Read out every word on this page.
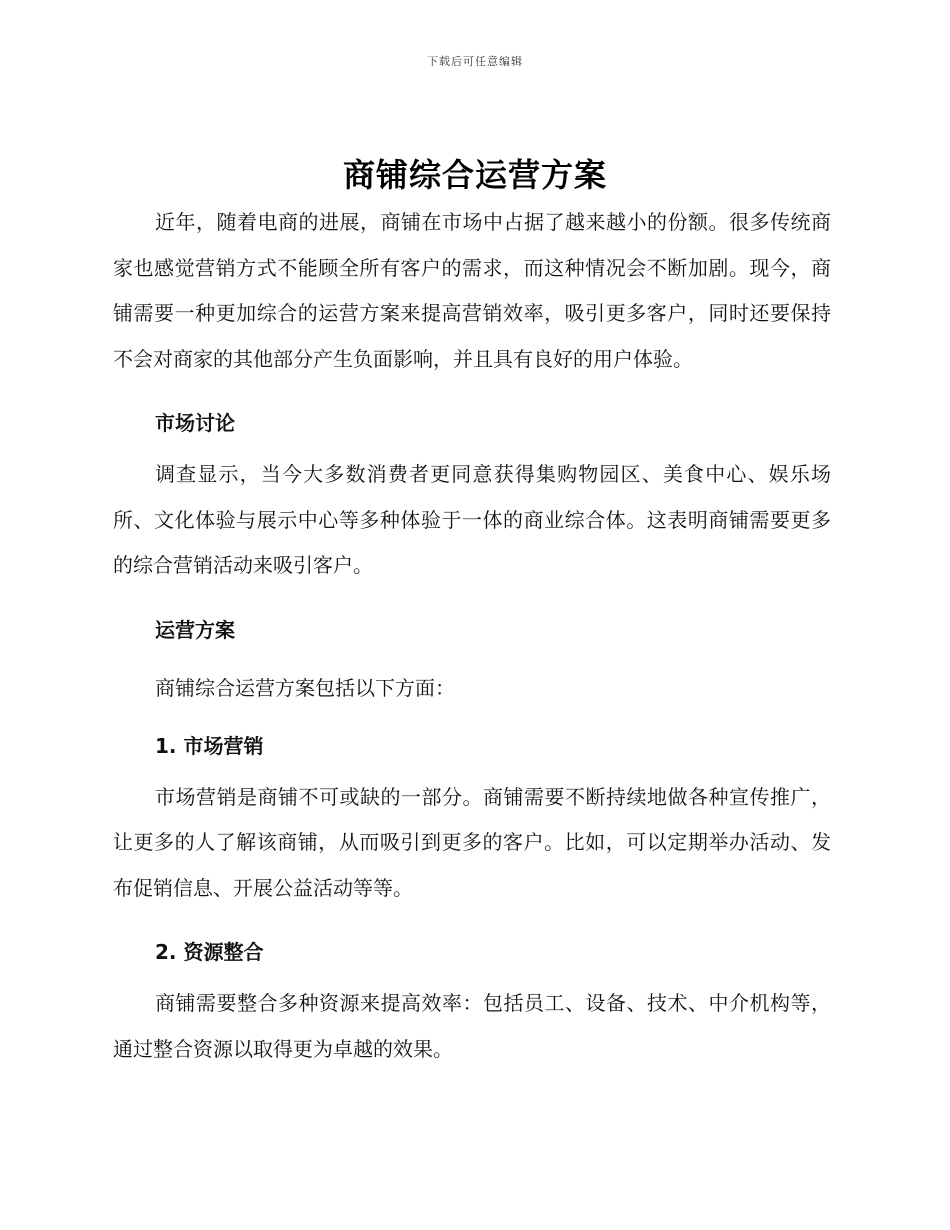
下载后可任意编辑
商铺综合运营方案

近年，随着电商的进展，商铺在市场中占据了越来越小的份额。很多传统商家也感觉营销方式不能顾全所有客户的需求，而这种情况会不断加剧。现今，商铺需要一种更加综合的运营方案来提高营销效率，吸引更多客户，同时还要保持不会对商家的其他部分产生负面影响，并且具有良好的用户体验。

市场讨论

调查显示，当今大多数消费者更同意获得集购物园区、美食中心、娱乐场所、文化体验与展示中心等多种体验于一体的商业综合体。这表明商铺需要更多的综合营销活动来吸引客户。

运营方案

商铺综合运营方案包括以下方面：

1. 市场营销

市场营销是商铺不可或缺的一部分。商铺需要不断持续地做各种宣传推广，让更多的人了解该商铺，从而吸引到更多的客户。比如，可以定期举办活动、发布促销信息、开展公益活动等等。

2. 资源整合

商铺需要整合多种资源来提高效率：包括员工、设备、技术、中介机构等，通过整合资源以取得更为卓越的效果。
